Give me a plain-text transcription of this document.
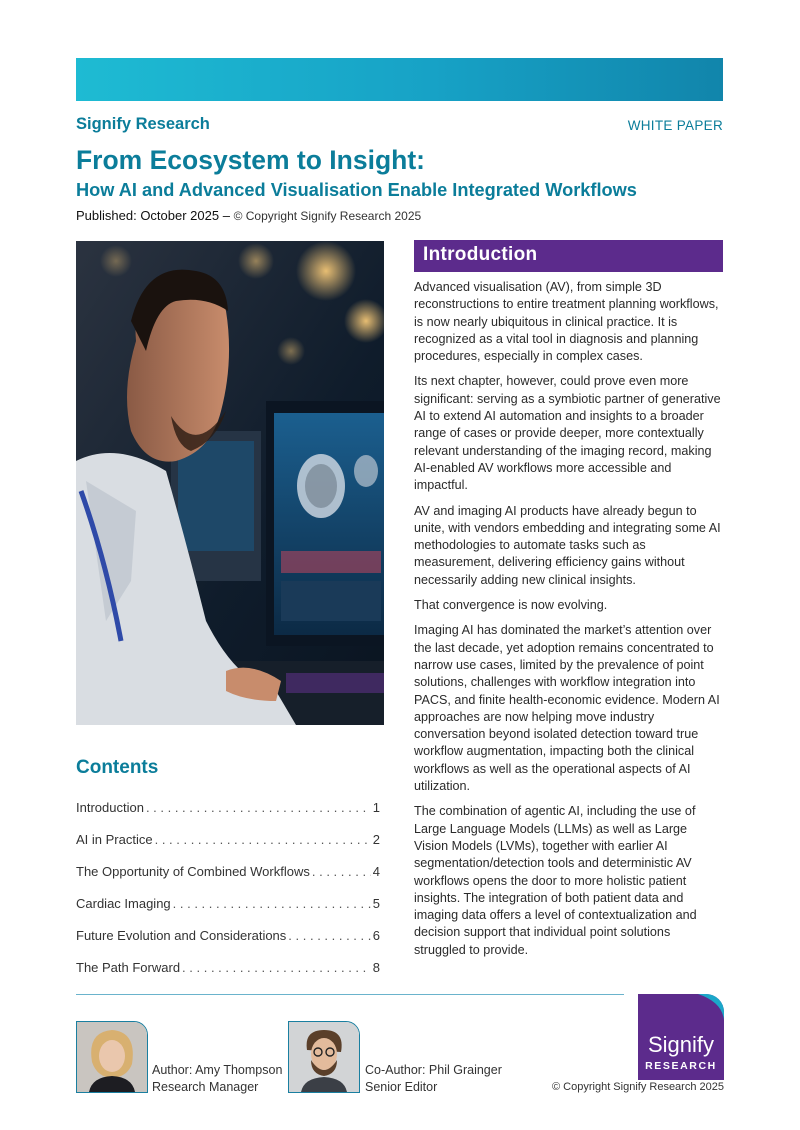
Signify Research	WHITE PAPER
From Ecosystem to Insight:
How AI and Advanced Visualisation Enable Integrated Workflows
Published: October 2025 – © Copyright Signify Research 2025
Contents
Introduction . . .	1
AI in Practice . . .	2
The Opportunity of Combined Workflows . . .	4
Cardiac Imaging . . .	5
Future Evolution and Considerations . . .	6
The Path Forward . . .	8
Introduction

Advanced visualisation (AV), from simple 3D reconstructions to entire treatment planning workflows, is now nearly ubiquitous in clinical practice. It is recognized as a vital tool in diagnosis and planning procedures, especially in complex cases.

Its next chapter, however, could prove even more significant: serving as a symbiotic partner of generative AI to extend AI automation and insights to a broader range of cases or provide deeper, more contextually relevant understanding of the imaging record, making AI-enabled AV workflows more accessible and impactful.

AV and imaging AI products have already begun to unite, with vendors embedding and integrating some AI methodologies to automate tasks such as measurement, delivering efficiency gains without necessarily adding new clinical insights.

That convergence is now evolving.

Imaging AI has dominated the market’s attention over the last decade, yet adoption remains concentrated to narrow use cases, limited by the prevalence of point solutions, challenges with workflow integration into PACS, and finite health-economic evidence. Modern AI approaches are now helping move industry conversation beyond isolated detection toward true workflow augmentation, impacting both the clinical workflows as well as the operational aspects of AI utilization.

The combination of agentic AI, including the use of Large Language Models (LLMs) as well as Large Vision Models (LVMs), together with earlier AI segmentation/detection tools and deterministic AV workflows opens the door to more holistic patient insights. The integration of both patient data and imaging data offers a level of contextualization and decision support that individual point solutions struggled to provide.

Author: Amy Thompson
Research Manager
Co-Author: Phil Grainger
Senior Editor
Signify
RESEARCH
© Copyright Signify Research 2025
